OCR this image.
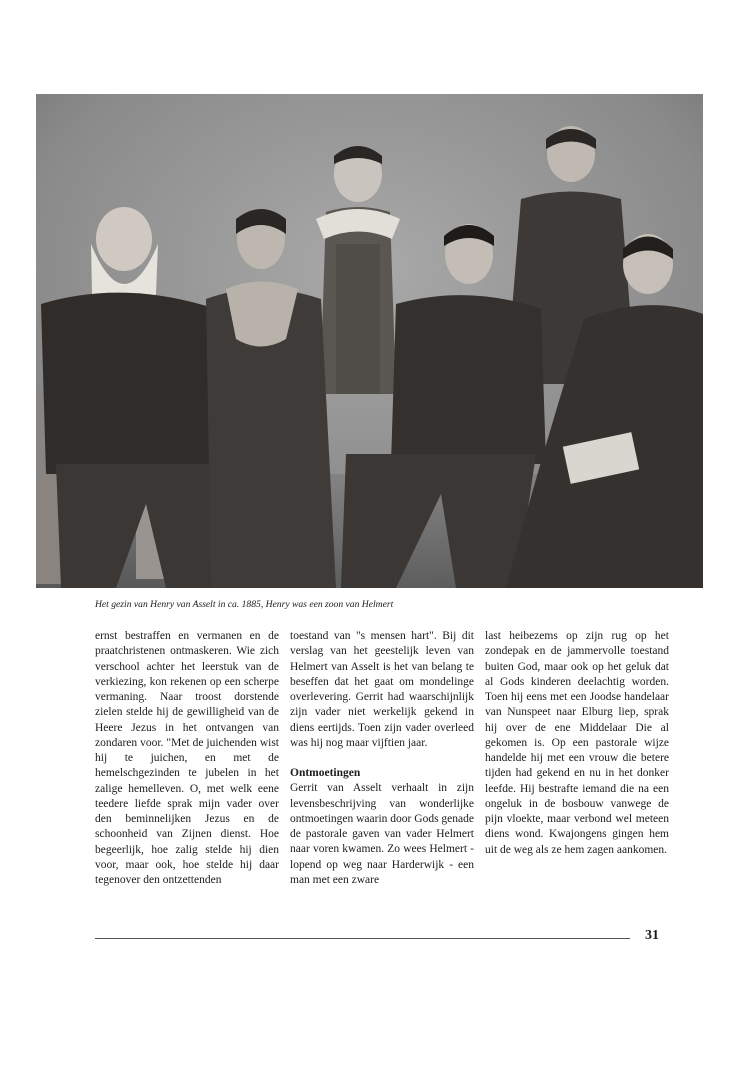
Het gezin van Henry van Asselt in ca. 1885, Henry was een zoon van Helmert

ernst bestraffen en vermanen en de praatchristenen ontmaskeren. Wie zich verschool achter het leerstuk van de verkiezing, kon rekenen op een scherpe vermaning. Naar troost dorstende zielen stelde hij de gewilligheid van de Heere Jezus in het ontvangen van zondaren voor. "Met de juichenden wist hij te juichen, en met de hemelschgezinden te jubelen in het zalige hemelleven. O, met welk eene teedere liefde sprak mijn vader over den beminnelijken Jezus en de schoonheid van Zijnen dienst. Hoe begeerlijk, hoe zalig stelde hij dien voor, maar ook, hoe stelde hij daar tegenover den ontzettenden

toestand van "s mensen hart". Bij dit verslag van het geestelijk leven van Helmert van Asselt is het van belang te beseffen dat het gaat om mondelinge overlevering. Gerrit had waarschijnlijk zijn vader niet werkelijk gekend in diens eertijds. Toen zijn vader overleed was hij nog maar vijftien jaar.

Ontmoetingen

Gerrit van Asselt verhaalt in zijn levensbeschrijving van wonderlijke ontmoetingen waarin door Gods genade de pastorale gaven van vader Helmert naar voren kwamen. Zo wees Helmert - lopend op weg naar Harderwijk - een man met een zware

last heibezems op zijn rug op het zondepak en de jammervolle toestand buiten God, maar ook op het geluk dat al Gods kinderen deelachtig worden. Toen hij eens met een Joodse handelaar van Nunspeet naar Elburg liep, sprak hij over de ene Middelaar Die al gekomen is. Op een pastorale wijze handelde hij met een vrouw die betere tijden had gekend en nu in het donker leefde. Hij bestrafte iemand die na een ongeluk in de bosbouw vanwege de pijn vloekte, maar verbond wel meteen diens wond. Kwajongens gingen hem uit de weg als ze hem zagen aankomen.

31
